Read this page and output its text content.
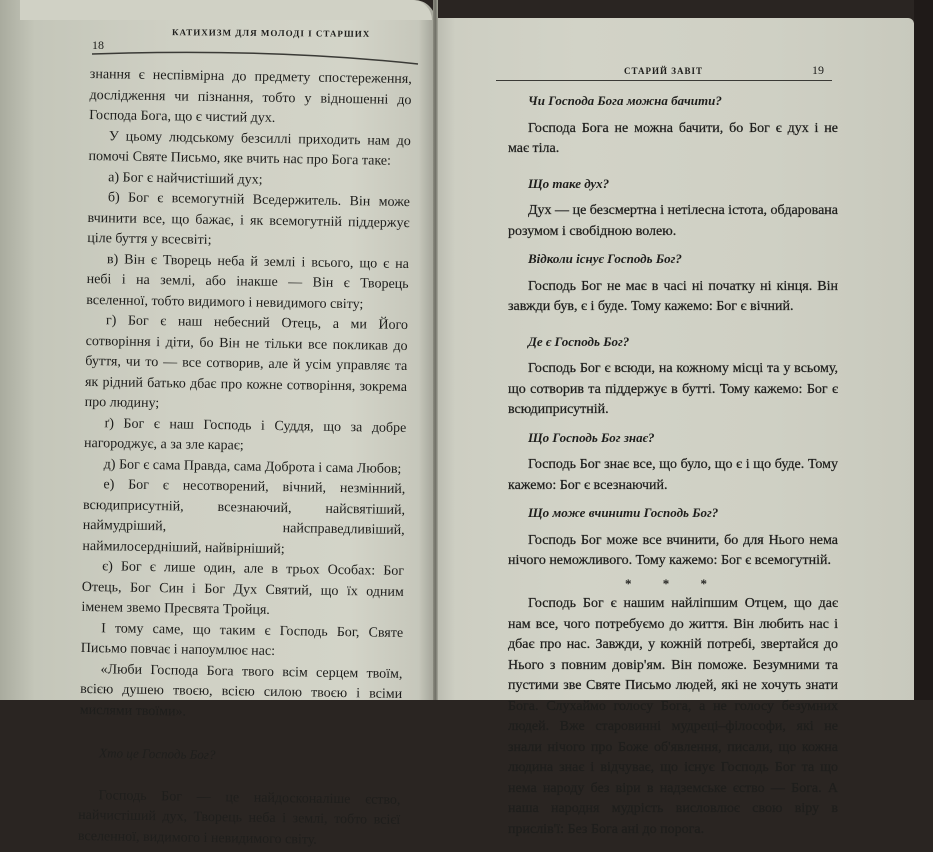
18
КАТИХИЗМ ДЛЯ МОЛОДІ І СТАРШИХ

знання є неспівмірна до предмету спостереження, дослідження чи пізнання, тобто у відношенні до Господа Бога, що є чистий дух.

У цьому людському безсиллі приходить нам до помочі Святе Письмо, яке вчить нас про Бога таке:

а) Бог є найчистіший дух;

б) Бог є всемогутній Вседержитель. Він може вчинити все, що бажає, і як всемогутній піддержує ціле буття у всесвіті;

в) Він є Творець неба й землі і всього, що є на небі і на землі, або інакше — Він є Творець вселенної, тобто видимого і невидимого світу;

г) Бог є наш небесний Отець, а ми Його сотворіння і діти, бо Він не тільки все покликав до буття, чи то — все сотворив, але й усім управляє та як рідний батько дбає про кожне сотворіння, зокрема про людину;

ґ) Бог є наш Господь і Суддя, що за добре нагороджує, а за зле карає;

д) Бог є сама Правда, сама Доброта і сама Любов;

е) Бог є несотворений, вічний, незмінний, всюдиприсутній, всезнаючий, найсвятіший, наймудріший, найсправедливіший, наймилосердніший, найвірніший;

є) Бог є лише один, але в трьох Особах: Бог Отець, Бог Син і Бог Дух Святий, що їх одним іменем звемо Пресвята Тройця.

І тому саме, що таким є Господь Бог, Святе Письмо повчає і напоумлює нас:

«Люби Господа Бога твого всім серцем твоїм, всією душею твоєю, всією силою твоєю і всіми мислями твоїми».

Хто це Господь Бог?

Господь Бог — це найдосконаліше єство, найчистіший дух, Творець неба і землі, тобто всієї вселенної, видимого і невидимого світу.

СТАРИЙ ЗАВІТ	19

Чи Господа Бога можна бачити?

Господа Бога не можна бачити, бо Бог є дух і не має тіла.

Що таке дух?

Дух — це безсмертна і нетілесна істота, обдарована розумом і свобідною волею.

Відколи існує Господь Бог?

Господь Бог не має в часі ні початку ні кінця. Він завжди був, є і буде. Тому кажемо: Бог є вічний.

Де є Господь Бог?

Господь Бог є всюди, на кожному місці та у всьому, що сотворив та піддержує в бутті. Тому кажемо: Бог є всюдиприсутній.

Що Господь Бог знає?

Господь Бог знає все, що було, що є і що буде. Тому кажемо: Бог є всезнаючий.

Що може вчинити Господь Бог?

Господь Бог може все вчинити, бо для Нього нема нічого неможливого. Тому кажемо: Бог є всемогутній.

* * *

Господь Бог є нашим найліпшим Отцем, що дає нам все, чого потребуємо до життя. Він любить нас і дбає про нас. Завжди, у кожній потребі, звертайся до Нього з повним довір'ям. Він поможе. Безумними та пустими зве Святе Письмо людей, які не хочуть знати Бога. Слухаймо голосу Бога, а не голосу безумних людей. Вже старовинні мудреці–філософи, які не знали нічого про Боже об'явлення, писали, що кожна людина знає і відчуває, що існує Господь Бог та що нема народу без віри в надземське єство — Бога. А наша народня мудрість висловлює свою віру в прислів'ї: Без Бога ані до порога.
